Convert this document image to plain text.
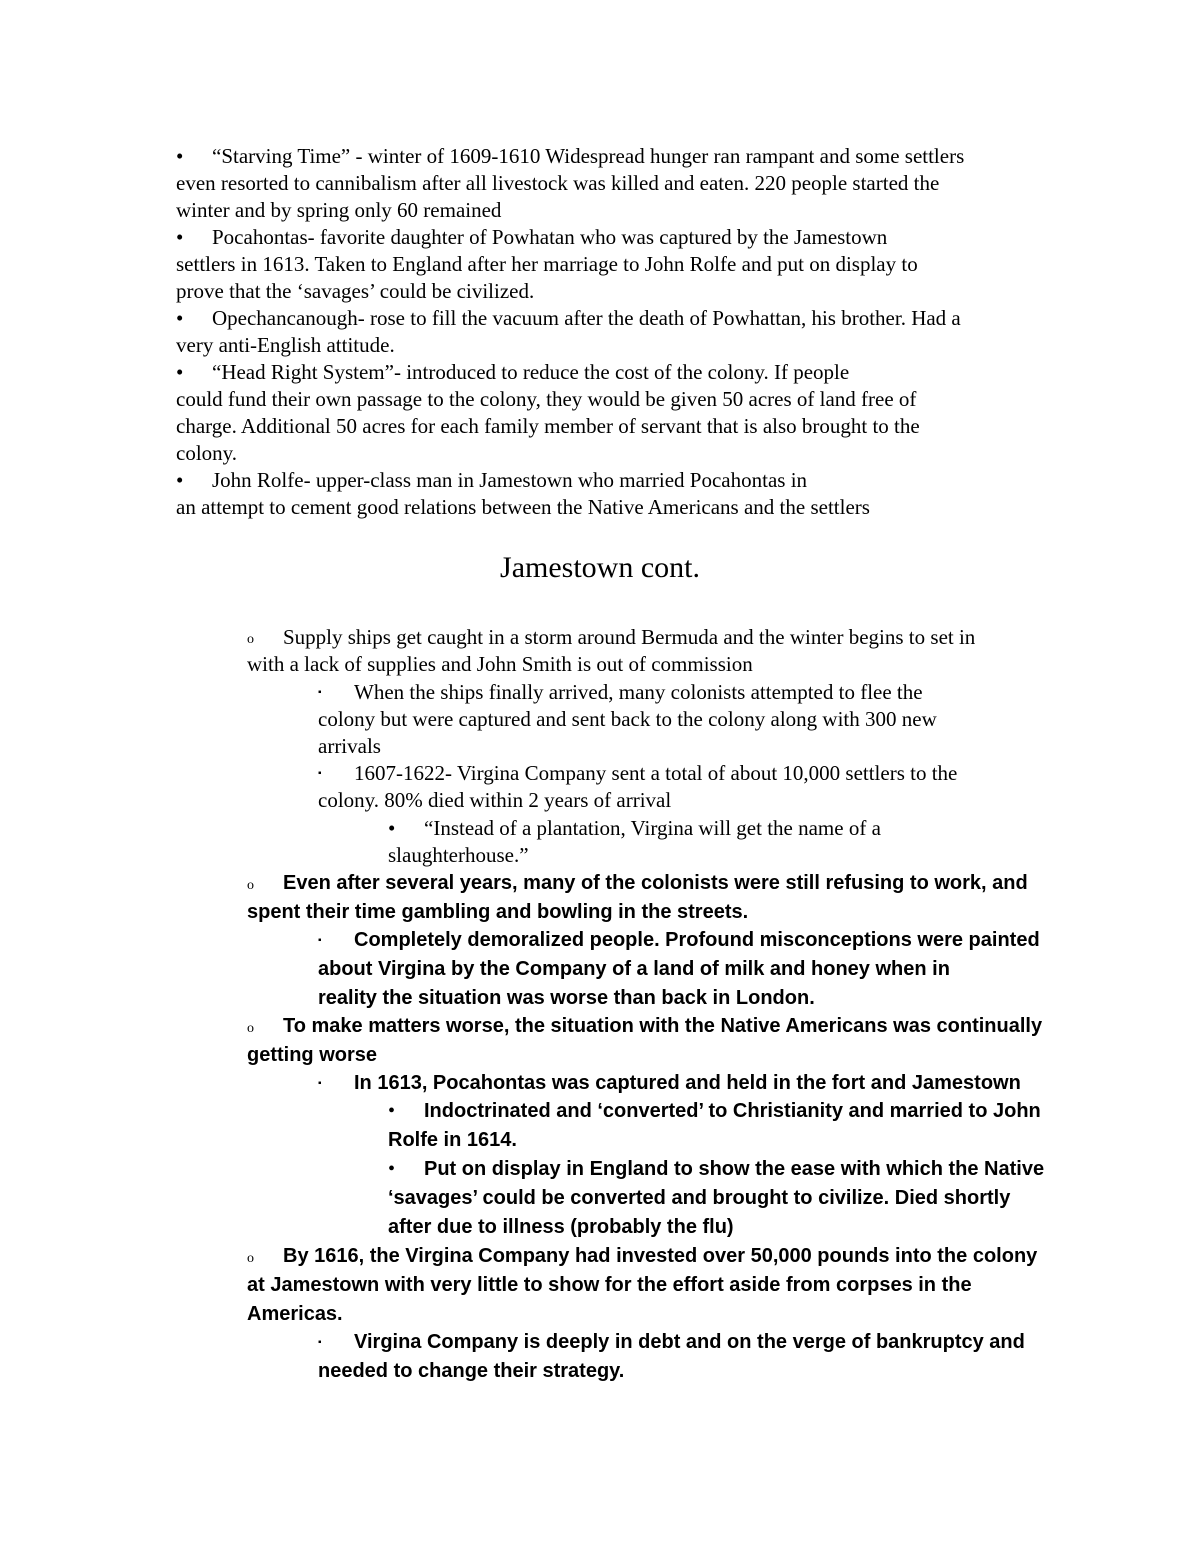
•	“Starving Time” - winter of 1609-1610 Widespread hunger ran rampant and some settlers
even resorted to cannibalism after all livestock was killed and eaten. 220 people started the
winter and by spring only 60 remained
•	Pocahontas- favorite daughter of Powhatan who was captured by the Jamestown
settlers in 1613. Taken to England after her marriage to John Rolfe and put on display to
prove that the ‘savages’ could be civilized.
•	Opechancanough- rose to fill the vacuum after the death of Powhattan, his brother. Had a
very anti-English attitude.
•	“Head Right System”- introduced to reduce the cost of the colony. If people
could fund their own passage to the colony, they would be given 50 acres of land free of
charge. Additional 50 acres for each family member of servant that is also brought to the
colony.
•	John Rolfe- upper-class man in Jamestown who married Pocahontas in
an attempt to cement good relations between the Native Americans and the settlers
Jamestown cont.
o	Supply ships get caught in a storm around Bermuda and the winter begins to set in
with a lack of supplies and John Smith is out of commission
▪	When the ships finally arrived, many colonists attempted to flee the
colony but were captured and sent back to the colony along with 300 new
arrivals
▪	1607-1622- Virgina Company sent a total of about 10,000 settlers to the
colony. 80% died within 2 years of arrival
•	“Instead of a plantation, Virgina will get the name of a
slaughterhouse.”
o	Even after several years, many of the colonists were still refusing to work, and
spent their time gambling and bowling in the streets.
▪	Completely demoralized people. Profound misconceptions were painted
about Virgina by the Company of a land of milk and honey when in
reality the situation was worse than back in London.
o	To make matters worse, the situation with the Native Americans was continually
getting worse
▪	In 1613, Pocahontas was captured and held in the fort and Jamestown
•	Indoctrinated and ‘converted’ to Christianity and married to John
Rolfe in 1614.
•	Put on display in England to show the ease with which the Native
‘savages’ could be converted and brought to civilize. Died shortly
after due to illness (probably the flu)
o	By 1616, the Virgina Company had invested over 50,000 pounds into the colony
at Jamestown with very little to show for the effort aside from corpses in the
Americas.
▪	Virgina Company is deeply in debt and on the verge of bankruptcy and
needed to change their strategy.
